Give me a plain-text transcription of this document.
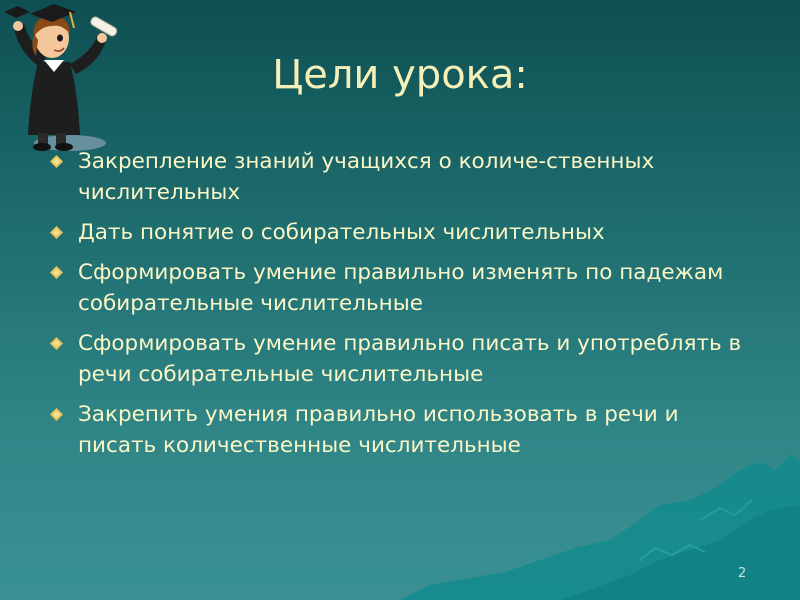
Цели урока:
Закрепление знаний учащихся о количе-ственных числительных
Дать понятие о собирательных числительных
Сформировать умение правильно изменять по падежам собирательные числительные
Сформировать умение правильно писать и употреблять в речи собирательные числительные
Закрепить умения правильно использовать в речи и писать количественные числительные
2
